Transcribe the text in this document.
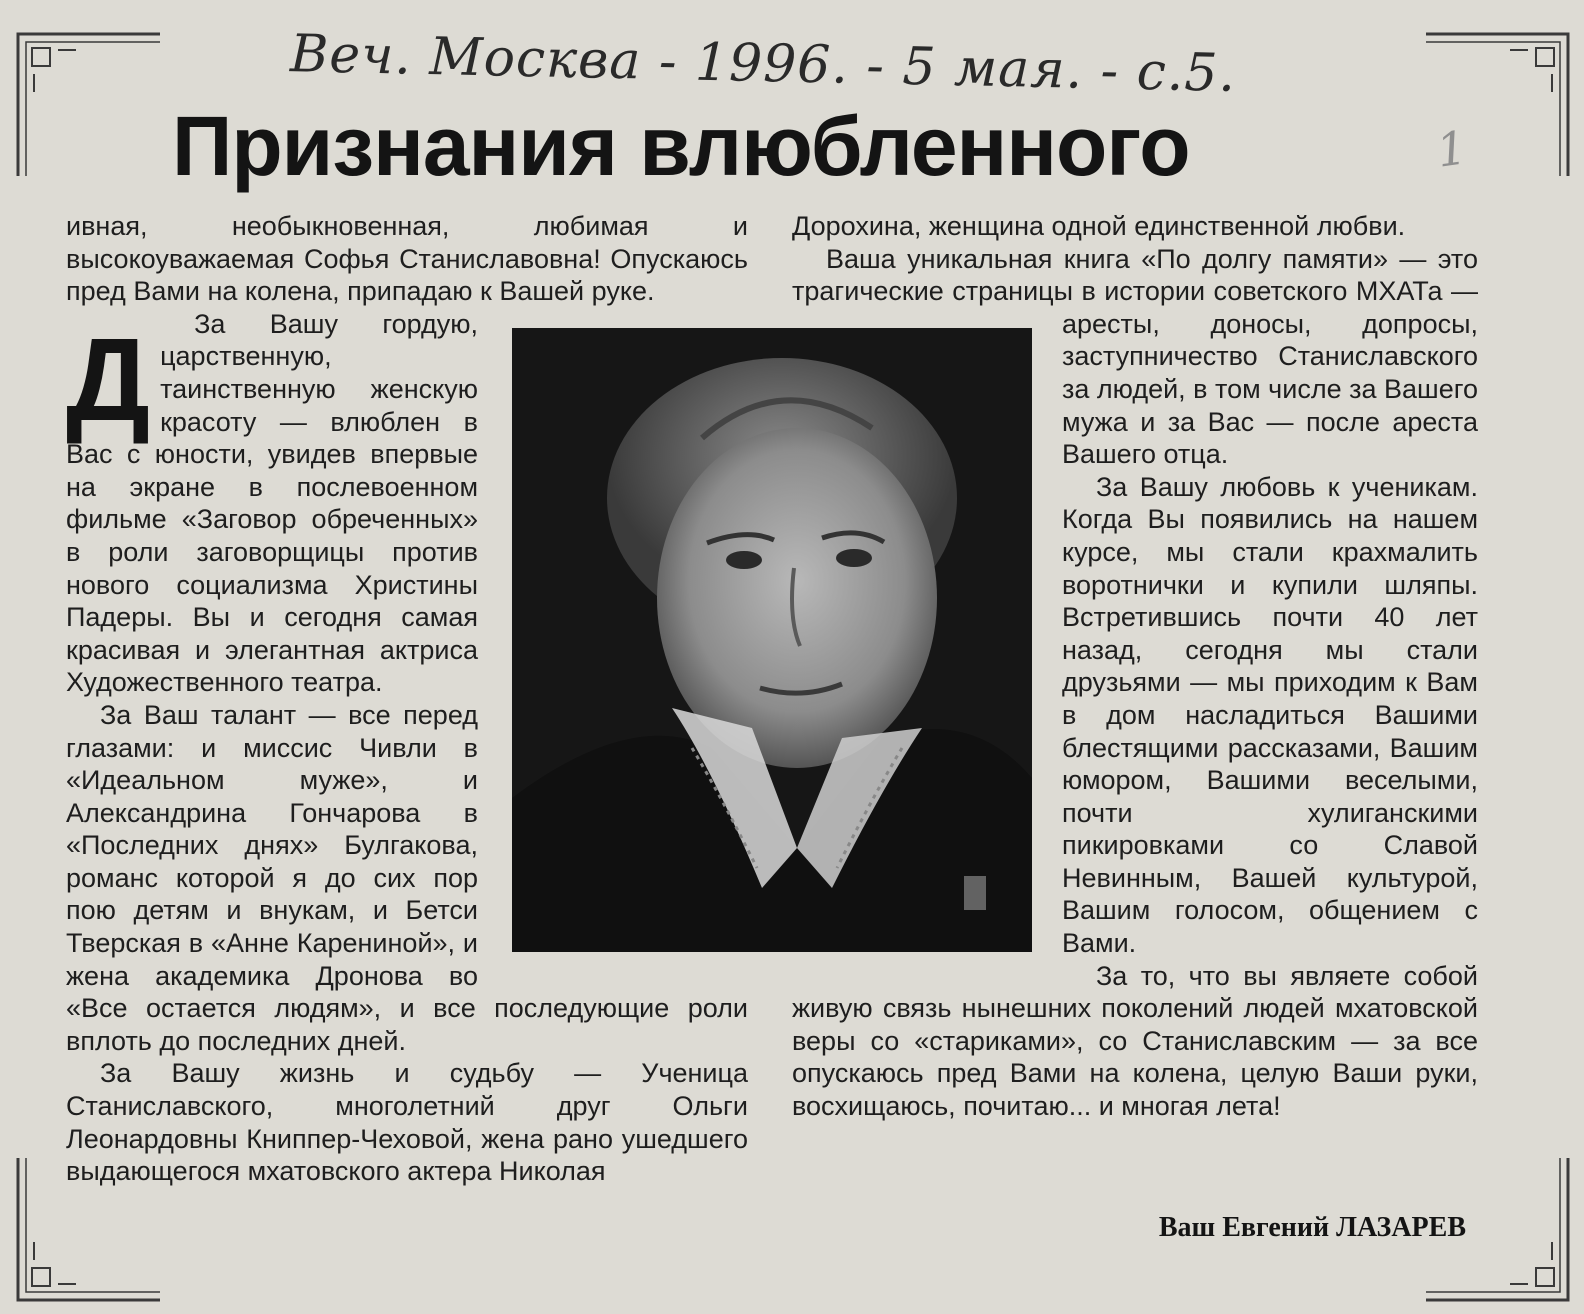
Веч. Москва - 1996. - 5 мая. - с.5.
1
Признания влюбленного
Д

ивная, необыкновенная, любимая и высокоуважаемая Софья Станиславовна! Опускаюсь пред Вами на колена, припадаю к Вашей руке.

За Вашу гордую, царственную, таинственную женскую красоту — влюблен в Вас с юности, увидев впервые на экране в послевоенном фильме «Заговор обреченных» в роли заговорщицы против нового социализма Христины Падеры. Вы и сегодня самая красивая и элегантная актриса Художественного театра.

За Ваш талант — все перед глазами: и миссис Чивли в «Идеальном муже», и Александрина Гончарова в «Последних днях» Булгакова, романс которой я до сих пор пою детям и внукам, и Бетси Тверская в «Анне Карениной», и жена академика Дронова во «Все остается людям», и все последующие роли вплоть до последних дней.

За Вашу жизнь и судьбу — Ученица Станиславского, многолетний друг Ольги Леонардовны Книппер-Чеховой, жена рано ушедшего выдающегося мхатовского актера Николая

Дорохина, женщина одной единственной любви.

Ваша уникальная книга «По долгу памяти» — это трагические страницы в истории советского МХАТа — аресты, доносы, допросы, заступничество Станиславского за людей, в том числе за Вашего мужа и за Вас — после ареста Вашего отца.

За Вашу любовь к ученикам. Когда Вы появились на нашем курсе, мы стали крахмалить воротнички и купили шляпы. Встретившись почти 40 лет назад, сегодня мы стали друзьями — мы приходим к Вам в дом насладиться Вашими блестящими рассказами, Вашим юмором, Вашими веселыми, почти хулиганскими пикировками со Славой Невинным, Вашей культурой, Вашим голосом, общением с Вами.

За то, что вы являете собой живую связь нынешних поколений людей мхатовской веры со «стариками», со Станиславским — за все опускаюсь пред Вами на колена, целую Ваши руки, восхищаюсь, почитаю... и многая лета!

Ваш Евгений ЛАЗАРЕВ
